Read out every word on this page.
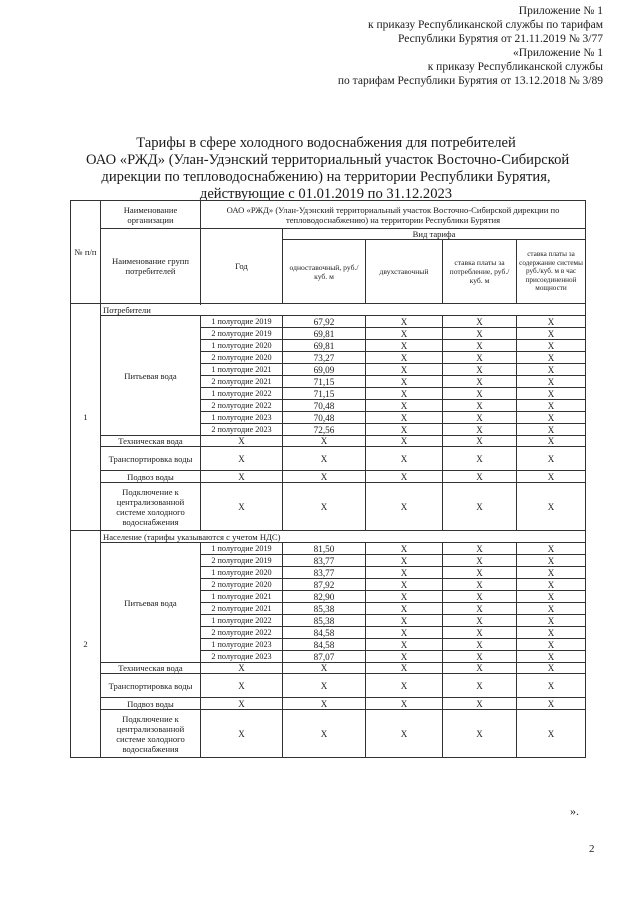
Приложение № 1
к приказу Республиканской службы по тарифам
Республики Бурятия от 21.11.2019 № 3/77
«Приложение № 1
к приказу Республиканской службы
по тарифам Республики Бурятия от 13.12.2018 № 3/89
Тарифы в сфере холодного водоснабжения для потребителей
ОАО «РЖД» (Улан-Удэнский территориальный участок Восточно-Сибирской
дирекции по тепловодоснабжению) на территории Республики Бурятия,
действующие с 01.01.2019 по 31.12.2023
№ п/п	Наименование организации	ОАО «РЖД» (Улан-Удэнский территориальный участок Восточно-Сибирской дирекции по тепловодоснабжению) на территории Республики Бурятия				
	Наименование групп потребителей	Год	Вид тарифа			
			одноставочный, руб./ куб. м	двухставочный	ставка платы за потребление, руб./ куб. м	ставка платы за содержание системы руб./куб. м в час присоединенной мощности

1	Потребители					
	Питьевая вода	1 полугодие 2019	67,92	Х	Х	Х
		2 полугодие 2019	69,81	Х	Х	Х
		1 полугодие 2020	69,81	Х	Х	Х
		2 полугодие 2020	73,27	Х	Х	Х
		1 полугодие 2021	69,09	Х	Х	Х
		2 полугодие 2021	71,15	Х	Х	Х
		1 полугодие 2022	71,15	Х	Х	Х
		2 полугодие 2022	70,48	Х	Х	Х
		1 полугодие 2023	70,48	Х	Х	Х
		2 полугодие 2023	72,56	Х	Х	Х
	Техническая вода	Х	Х	Х	Х	Х
	Транспортировка воды	Х	Х	Х	Х	Х
	Подвоз воды	Х	Х	Х	Х	Х
	Подключение к централизованной системе холодного водоснабжения	Х	Х	Х	Х	Х
2	Население (тарифы указываются с учетом НДС)					
	Питьевая вода	1 полугодие 2019	81,50	Х	Х	Х
		2 полугодие 2019	83,77	Х	Х	Х
		1 полугодие 2020	83,77	Х	Х	Х
		2 полугодие 2020	87,92	Х	Х	Х
		1 полугодие 2021	82,90	Х	Х	Х
		2 полугодие 2021	85,38	Х	Х	Х
		1 полугодие 2022	85,38	Х	Х	Х
		2 полугодие 2022	84,58	Х	Х	Х
		1 полугодие 2023	84,58	Х	Х	Х
		2 полугодие 2023	87,07	Х	Х	Х
	Техническая вода	Х	Х	Х	Х	Х
	Транспортировка воды	Х	Х	Х	Х	Х
	Подвоз воды	Х	Х	Х	Х	Х
	Подключение к централизованной системе холодного водоснабжения	Х	Х	Х	Х	Х
».
2
